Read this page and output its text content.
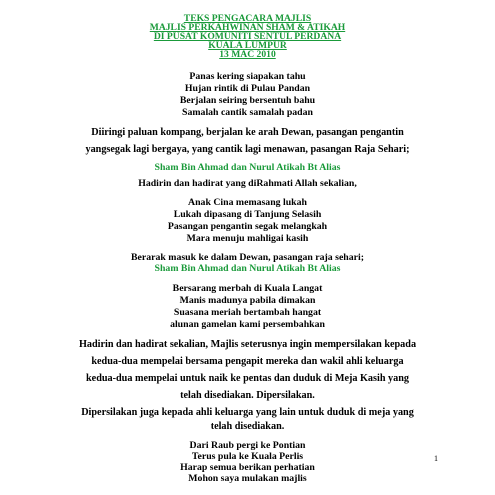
TEKS PENGACARA MAJLIS
MAJLIS PERKAHWINAN SHAM & ATIKAH
DI PUSAT KOMUNITI SENTUL PERDANA
KUALA LUMPUR
13 MAC 2010
Panas kering siapakan tahu
Hujan rintik di Pulau Pandan
Berjalan seiring bersentuh bahu
Samalah cantik samalah padan
Diiringi paluan kompang, berjalan ke arah Dewan, pasangan pengantin
yangsegak lagi bergaya, yang cantik lagi menawan, pasangan Raja Sehari;
Sham Bin Ahmad dan Nurul Atikah Bt Alias
Hadirin dan hadirat yang diRahmati Allah sekalian,
Anak Cina memasang lukah
Lukah dipasang di Tanjung Selasih
Pasangan pengantin segak melangkah
Mara menuju mahligai kasih
Berarak masuk ke dalam Dewan, pasangan raja sehari;
Sham Bin Ahmad dan Nurul Atikah Bt Alias
Bersarang merbah di Kuala Langat
Manis madunya pabila dimakan
Suasana meriah bertambah hangat
alunan gamelan kami persembahkan
Hadirin dan hadirat sekalian, Majlis seterusnya ingin mempersilakan kepada
kedua-dua mempelai bersama pengapit mereka dan wakil ahli keluarga
kedua-dua mempelai untuk naik ke pentas dan duduk di Meja Kasih yang
telah disediakan. Dipersilakan.
Dipersilakan juga kepada ahli keluarga yang lain untuk duduk di meja yang
telah disediakan.
Dari Raub pergi ke Pontian
Terus pula ke Kuala Perlis
Harap semua berikan perhatian
Mohon saya mulakan majlis
1
